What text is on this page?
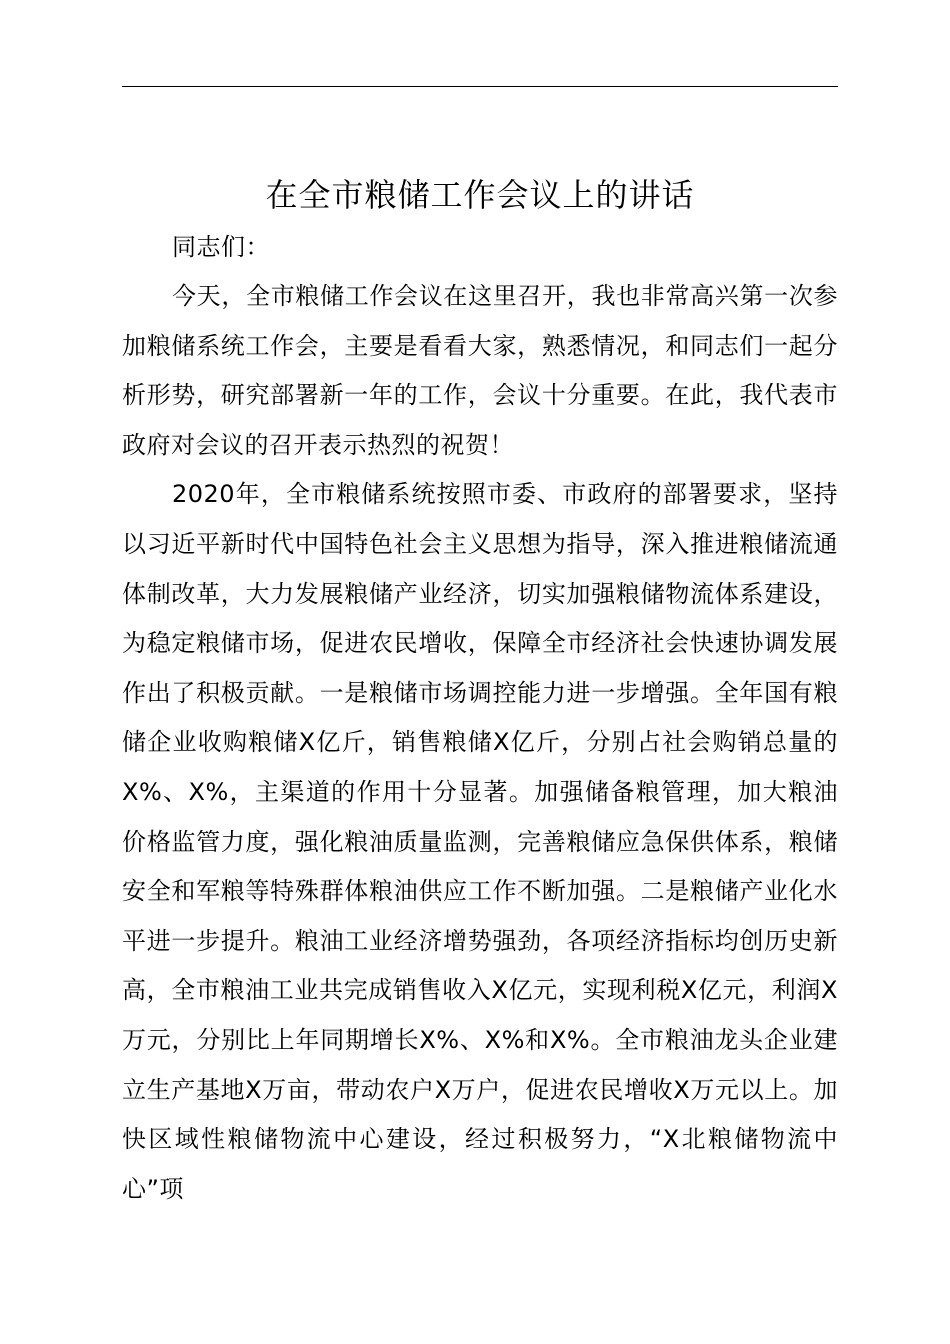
在全市粮储工作会议上的讲话

同志们：

今天，全市粮储工作会议在这里召开，我也非常高兴第一次参加粮储系统工作会，主要是看看大家，熟悉情况，和同志们一起分析形势，研究部署新一年的工作，会议十分重要。在此，我代表市政府对会议的召开表示热烈的祝贺！

2020年，全市粮储系统按照市委、市政府的部署要求，坚持以习近平新时代中国特色社会主义思想为指导，深入推进粮储流通体制改革，大力发展粮储产业经济，切实加强粮储物流体系建设，为稳定粮储市场，促进农民增收，保障全市经济社会快速协调发展作出了积极贡献。一是粮储市场调控能力进一步增强。全年国有粮储企业收购粮储X亿斤，销售粮储X亿斤，分别占社会购销总量的X%、X%，主渠道的作用十分显著。加强储备粮管理，加大粮油价格监管力度，强化粮油质量监测，完善粮储应急保供体系，粮储安全和军粮等特殊群体粮油供应工作不断加强。二是粮储产业化水平进一步提升。粮油工业经济增势强劲，各项经济指标均创历史新高，全市粮油工业共完成销售收入X亿元，实现利税X亿元，利润X万元，分别比上年同期增长X%、X%和X%。全市粮油龙头企业建立生产基地X万亩，带动农户X万户，促进农民增收X万元以上。加快区域性粮储物流中心建设，经过积极努力，“X北粮储物流中心”项
